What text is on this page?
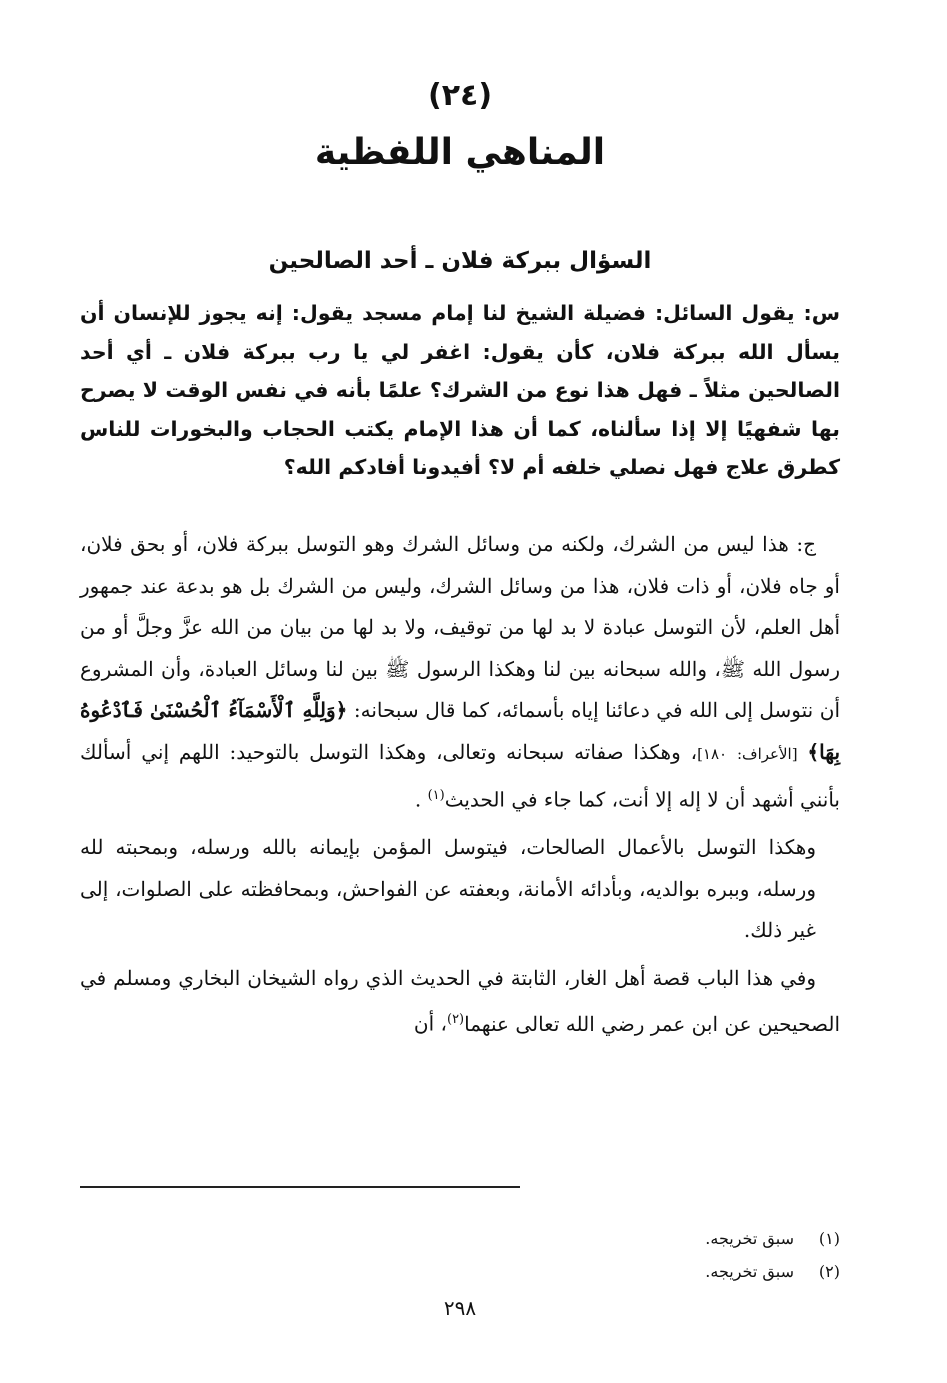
(٢٤)
المناهي اللفظية
السؤال ببركة فلان ـ أحد الصالحين
س: يقول السائل: فضيلة الشيخ لنا إمام مسجد يقول: إنه يجوز للإنسان أن يسأل الله ببركة فلان، كأن يقول: اغفر لي يا رب ببركة فلان ـ أي أحد الصالحين مثلاً ـ فهل هذا نوع من الشرك؟ علمًا بأنه في نفس الوقت لا يصرح بها شفهيًا إلا إذا سألناه، كما أن هذا الإمام يكتب الحجاب والبخورات للناس كطرق علاج فهل نصلي خلفه أم لا؟ أفيدونا أفادكم الله؟

ج: هذا ليس من الشرك، ولكنه من وسائل الشرك وهو التوسل ببركة فلان، أو بحق فلان، أو جاه فلان، أو ذات فلان، هذا من وسائل الشرك، وليس من الشرك بل هو بدعة عند جمهور أهل العلم، لأن التوسل عبادة لا بد لها من توقيف، ولا بد لها من بيان من الله عزَّ وجلَّ أو من رسول الله ﷺ، والله سبحانه بين لنا وهكذا الرسول ﷺ بين لنا وسائل العبادة، وأن المشروع أن نتوسل إلى الله في دعائنا إياه بأسمائه، كما قال سبحانه: ﴿وَلِلَّهِ ٱلْأَسْمَآءُ ٱلْحُسْنَىٰ فَٱدْعُوهُ بِهَا﴾ [الأعراف: ١٨٠]، وهكذا صفاته سبحانه وتعالى، وهكذا التوسل بالتوحيد: اللهم إني أسألك بأنني أشهد أن لا إله إلا أنت، كما جاء في الحديث$^{(١)}$ .

وهكذا التوسل بالأعمال الصالحات، فيتوسل المؤمن بإيمانه بالله ورسله، وبمحبته لله ورسله، وببره بوالديه، وبأدائه الأمانة، وبعفته عن الفواحش، وبمحافظته على الصلوات، إلى غير ذلك.

وفي هذا الباب قصة أهل الغار، الثابتة في الحديث الذي رواه الشيخان البخاري ومسلم في الصحيحين عن ابن عمر رضي الله تعالى عنهما$^{(٢)}$، أن

(١)سبق تخريجه.
(٢)سبق تخريجه.
٢٩٨
